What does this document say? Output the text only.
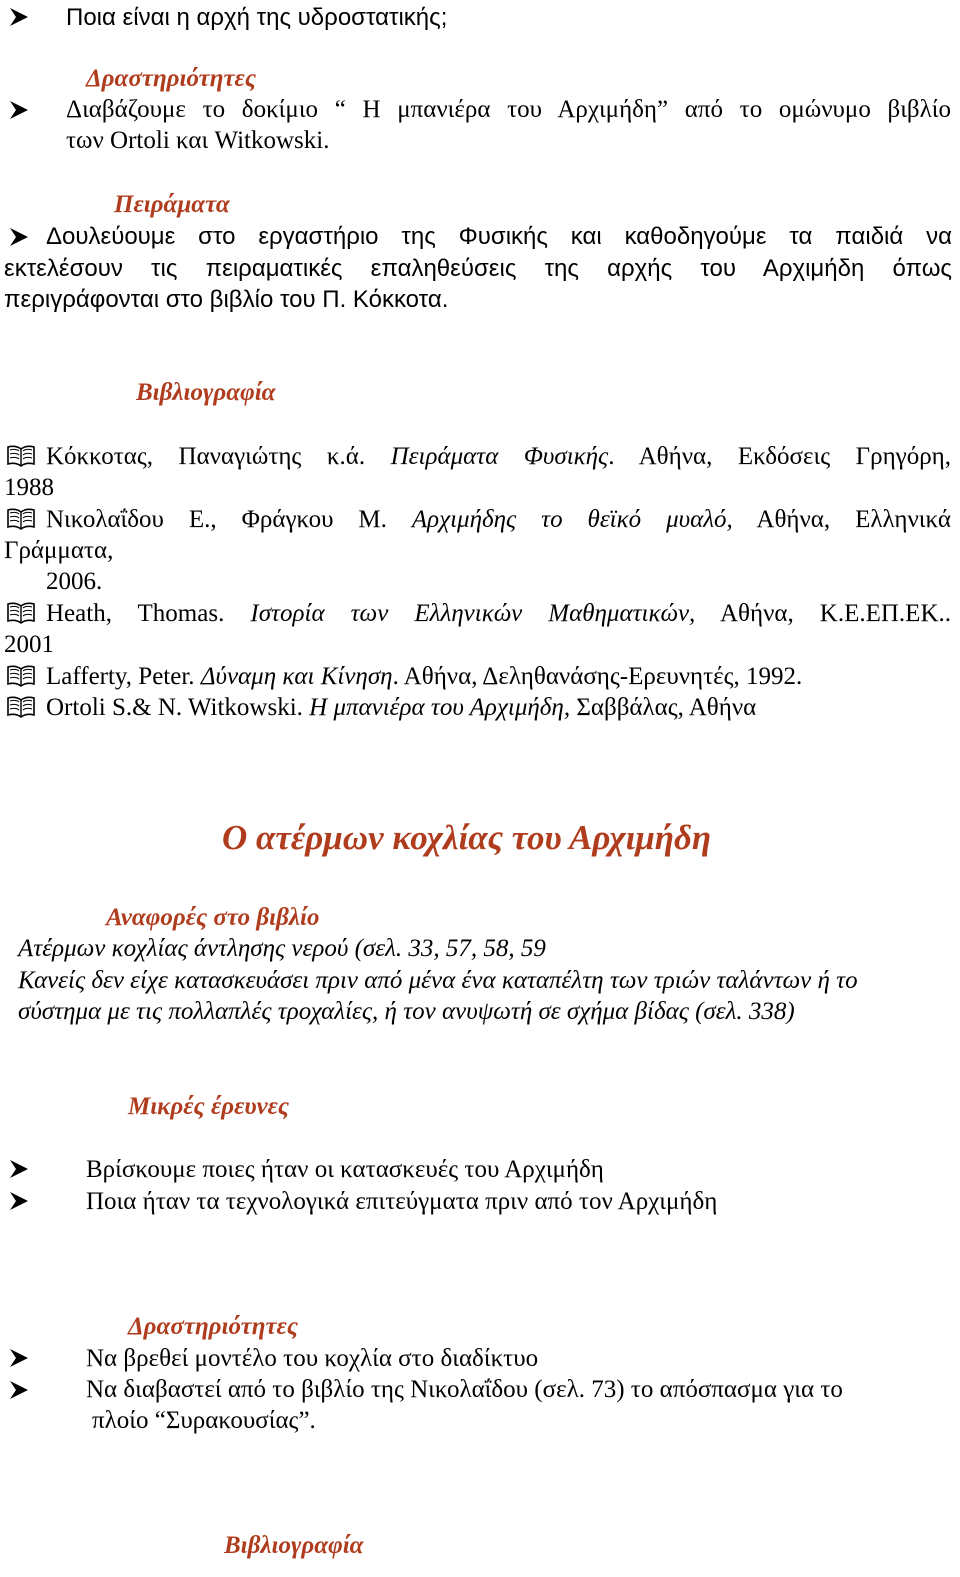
Ποια είναι η αρχή της υδροστατικής;
Δραστηριότητες
Διαβάζουμε το δοκίμιο “ Η μπανιέρα του Αρχιμήδη” από το ομώνυμο βιβλίο
των Ortoli και Witkowski.
Πειράματα
Δουλεύουμε στο εργαστήριο της Φυσικής και καθοδηγούμε τα παιδιά να
εκτελέσουν τις πειραματικές επαληθεύσεις της αρχής του Αρχιμήδη όπως
περιγράφονται στο βιβλίο του Π. Κόκκοτα.
Βιβλιογραφία
Κόκκοτας, Παναγιώτης κ.ά. Πειράματα Φυσικής. Αθήνα, Εκδόσεις Γρηγόρη,
1988
Νικολαΐδου Ε., Φράγκου Μ. Αρχιμήδης το θεϊκό μυαλό, Αθήνα, Ελληνικά
Γράμματα,
2006.
Heath, Thomas. Ιστορία των Ελληνικών Μαθηματικών, Αθήνα, Κ.Ε.ΕΠ.ΕΚ..
2001
Lafferty, Peter. Δύναμη και Κίνηση. Αθήνα, Δεληθανάσης-Ερευνητές, 1992.
Ortoli S.& N. Witkowski. Η μπανιέρα του Αρχιμήδη, Σαββάλας, Αθήνα
Ο ατέρμων κοχλίας του Αρχιμήδη
Αναφορές στο βιβλίο
Ατέρμων κοχλίας άντλησης νερού (σελ. 33, 57, 58, 59
Κανείς δεν είχε κατασκευάσει πριν από μένα ένα καταπέλτη των τριών ταλάντων ή το
σύστημα με τις πολλαπλές τροχαλίες, ή τον ανυψωτή σε σχήμα βίδας (σελ. 338)
Μικρές έρευνες
Βρίσκουμε ποιες ήταν οι κατασκευές του Αρχιμήδη
Ποια ήταν τα τεχνολογικά επιτεύγματα πριν από τον Αρχιμήδη
Δραστηριότητες
Να βρεθεί μοντέλο του κοχλία στο διαδίκτυο
Να διαβαστεί από το βιβλίο της Νικολαΐδου (σελ. 73) το απόσπασμα για το
πλοίο “Συρακουσίας”.
Βιβλιογραφία
